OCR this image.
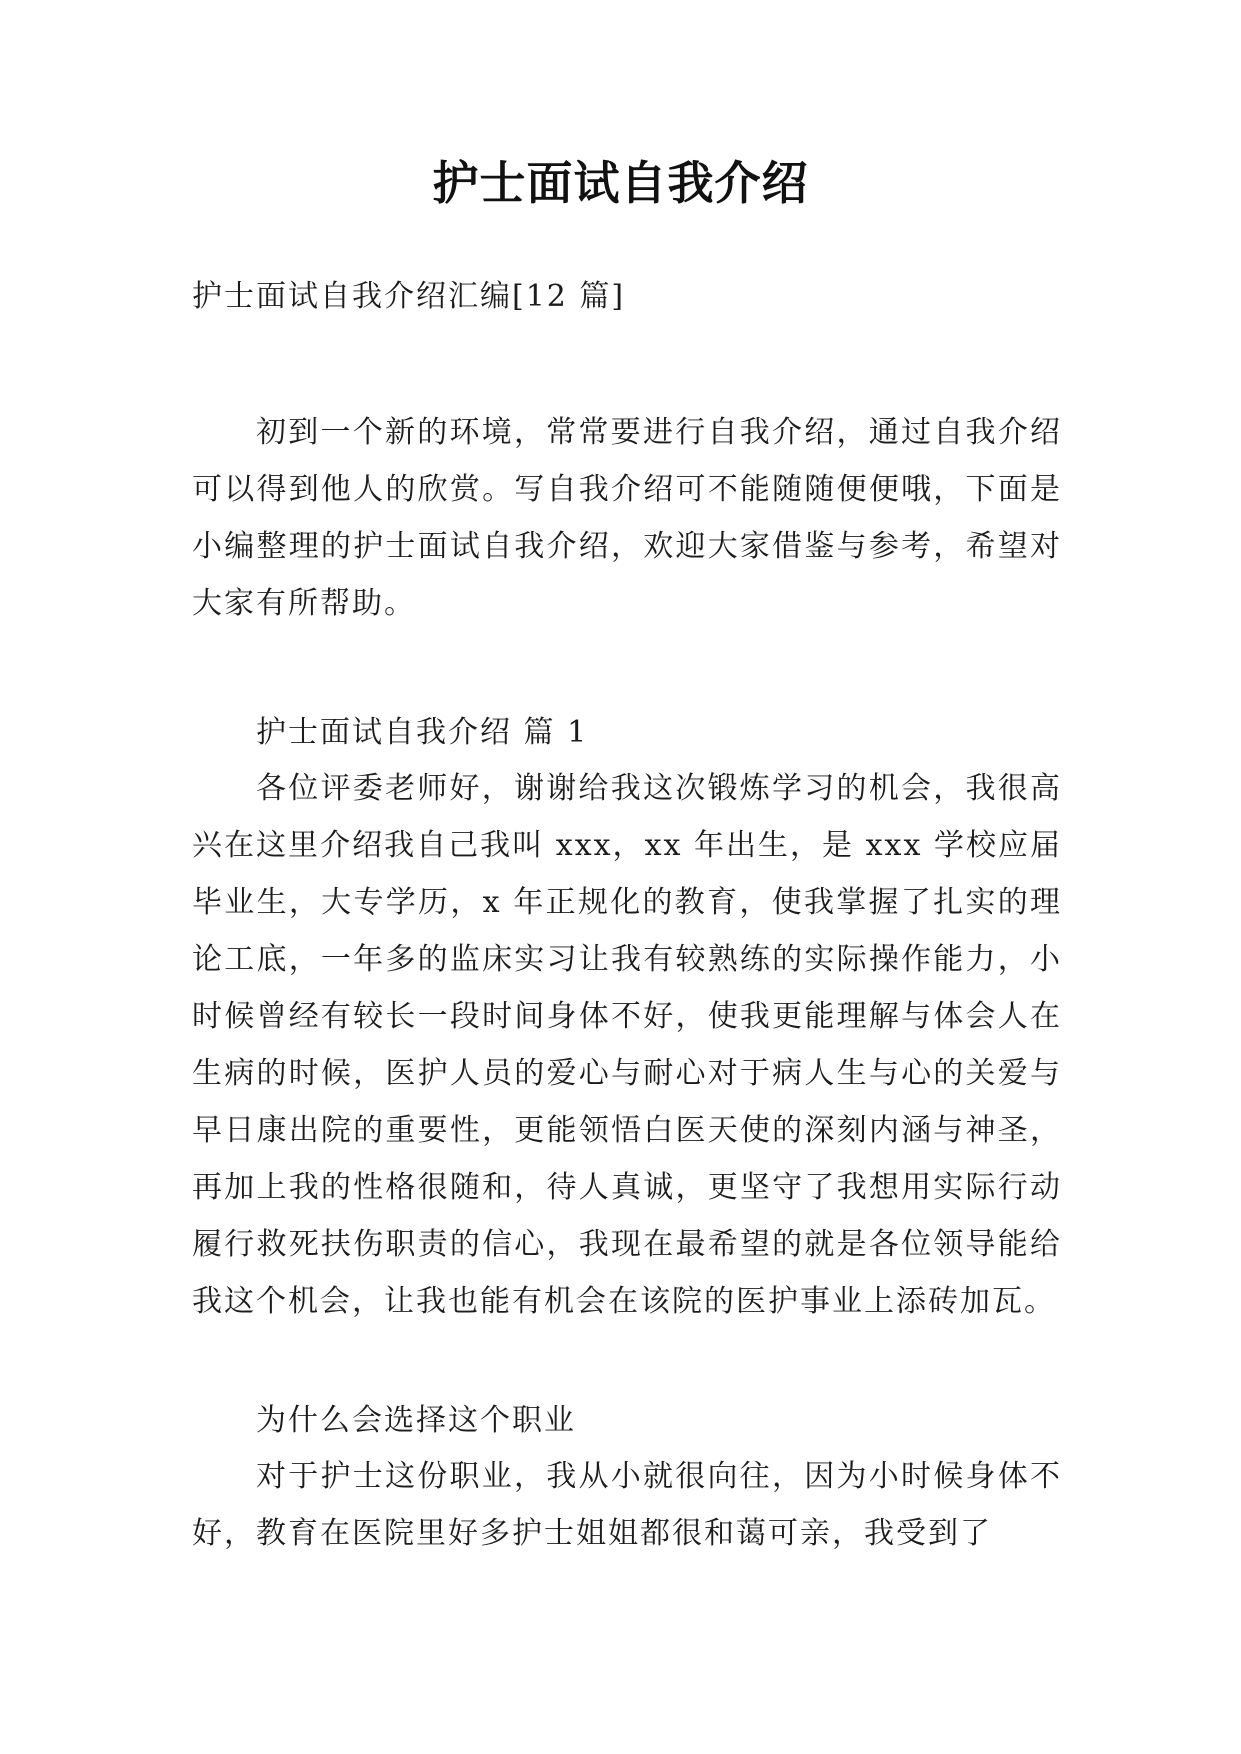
护士面试自我介绍
护士面试自我介绍汇编[12 篇]
初到一个新的环境，常常要进行自我介绍，通过自我介绍可以得到他人的欣赏。写自我介绍可不能随随便便哦，下面是小编整理的护士面试自我介绍，欢迎大家借鉴与参考，希望对大家有所帮助。
护士面试自我介绍 篇 1
各位评委老师好，谢谢给我这次锻炼学习的机会，我很高兴在这里介绍我自己我叫 xxx，xx 年出生，是 xxx 学校应届毕业生，大专学历，x 年正规化的教育，使我掌握了扎实的理论工底，一年多的监床实习让我有较熟练的实际操作能力，小时候曾经有较长一段时间身体不好，使我更能理解与体会人在生病的时候，医护人员的爱心与耐心对于病人生与心的关爱与早日康出院的重要性，更能领悟白医天使的深刻内涵与神圣，再加上我的性格很随和，待人真诚，更坚守了我想用实际行动履行救死扶伤职责的信心，我现在最希望的就是各位领导能给我这个机会，让我也能有机会在该院的医护事业上添砖加瓦。
为什么会选择这个职业
对于护士这份职业，我从小就很向往，因为小时候身体不好，教育在医院里好多护士姐姐都很和蔼可亲，我受到了
